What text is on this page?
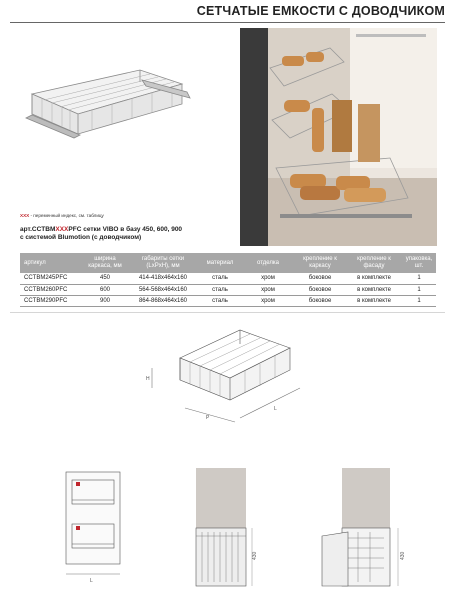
СЕТЧАТЫЕ ЕМКОСТИ С ДОВОДЧИКОМ
XXX - переменный индекс, см. таблицу
арт.CCTBMXXXPFC сетки VIBO в базу 450, 600, 900
с системой Blumotion (с доводчиком)
артикул	ширина каркаса, мм	габариты сетки (LxPxH), мм	материал	отделка	крепление к каркасу	крепление к фасаду	упаковка, шт.
CCTBM245PFC	450	414-418x464x160	сталь	хром	боковое	в комплекте	1
CCTBM260PFC	600	564-568x464x160	сталь	хром	боковое	в комплекте	1
CCTBM290PFC	900	864-868x464x160	сталь	хром	боковое	в комплекте	1
H
P
L
L
430	430
